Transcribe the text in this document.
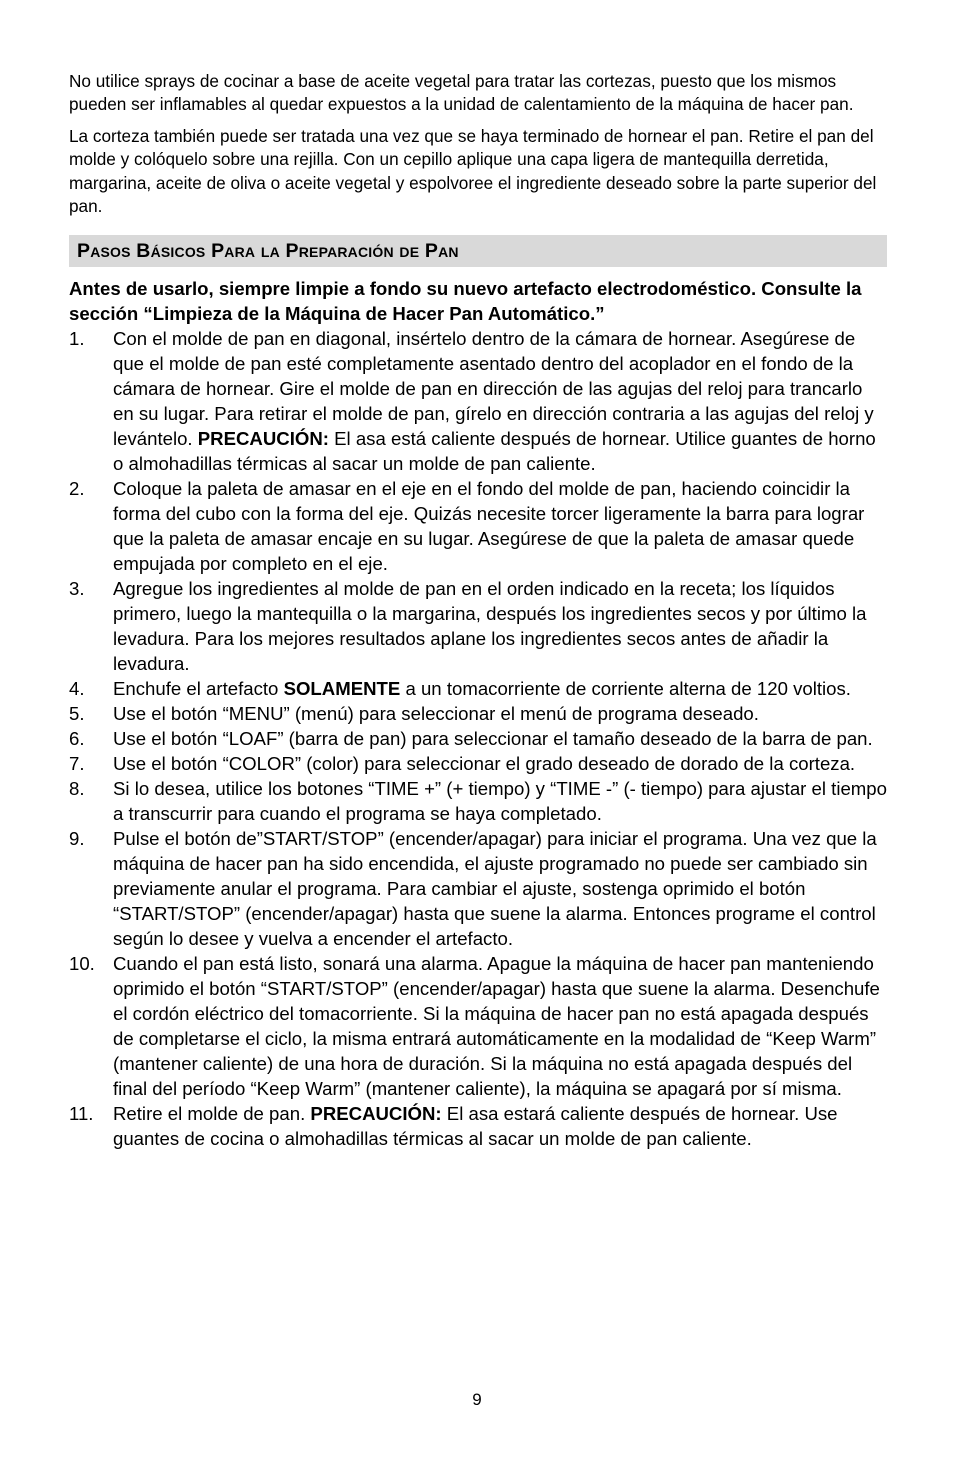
No utilice sprays de cocinar a base de aceite vegetal para tratar las cortezas, puesto que los mismos pueden ser inflamables al quedar expuestos a la unidad de calentamiento de la máquina de hacer pan.

La corteza también puede ser tratada una vez que se haya terminado de hornear el pan. Retire el pan del molde y colóquelo sobre una rejilla. Con un cepillo aplique una capa ligera de mantequilla derretida, margarina, aceite de oliva o aceite vegetal y espolvoree el ingrediente deseado sobre la parte superior del pan.

Pasos Básicos Para la Preparación de Pan
Antes de usarlo, siempre limpie a fondo su nuevo artefacto electrodoméstico. Consulte la sección “Limpieza de la Máquina de Hacer Pan Automático.”
1. Con el molde de pan en diagonal, insértelo dentro de la cámara de hornear. Asegúrese de que el molde de pan esté completamente asentado dentro del acoplador en el fondo de la cámara de hornear. Gire el molde de pan en dirección de las agujas del reloj para trancarlo en su lugar. Para retirar el molde de pan, gírelo en dirección contraria a las agujas del reloj y levántelo. PRECAUCIÓN: El asa está caliente después de hornear. Utilice guantes de horno o almohadillas térmicas al sacar un molde de pan caliente.
2. Coloque la paleta de amasar en el eje en el fondo del molde de pan, haciendo coincidir la forma del cubo con la forma del eje. Quizás necesite torcer ligeramente la barra para lograr que la paleta de amasar encaje en su lugar. Asegúrese de que la paleta de amasar quede empujada por completo en el eje.
3. Agregue los ingredientes al molde de pan en el orden indicado en la receta; los líquidos primero, luego la mantequilla o la margarina, después los ingredientes secos y por último la levadura. Para los mejores resultados aplane los ingredientes secos antes de añadir la levadura.
4. Enchufe el artefacto SOLAMENTE a un tomacorriente de corriente alterna de 120 voltios.
5. Use el botón “MENU” (menú) para seleccionar el menú de programa deseado.
6. Use el botón “LOAF” (barra de pan) para seleccionar el tamaño deseado de la barra de pan.
7. Use el botón “COLOR” (color) para seleccionar el grado deseado de dorado de la corteza.
8. Si lo desea, utilice los botones “TIME +” (+ tiempo) y “TIME -” (- tiempo) para ajustar el tiempo a transcurrir para cuando el programa se haya completado.
9. Pulse el botón de”START/STOP” (encender/apagar) para iniciar el programa. Una vez que la máquina de hacer pan ha sido encendida, el ajuste programado no puede ser cambiado sin previamente anular el programa. Para cambiar el ajuste, sostenga oprimido el botón “START/STOP” (encender/apagar) hasta que suene la alarma. Entonces programe el control según lo desee y vuelva a encender el artefacto.
10. Cuando el pan está listo, sonará una alarma. Apague la máquina de hacer pan manteniendo oprimido el botón “START/STOP” (encender/apagar) hasta que suene la alarma. Desenchufe el cordón eléctrico del tomacorriente. Si la máquina de hacer pan no está apagada después de completarse el ciclo, la misma entrará automáticamente en la modalidad de “Keep Warm” (mantener caliente) de una hora de duración. Si la máquina no está apagada después del final del período “Keep Warm” (mantener caliente), la máquina se apagará por sí misma.
11. Retire el molde de pan. PRECAUCIÓN: El asa estará caliente después de hornear. Use guantes de cocina o almohadillas térmicas al sacar un molde de pan caliente.
9
